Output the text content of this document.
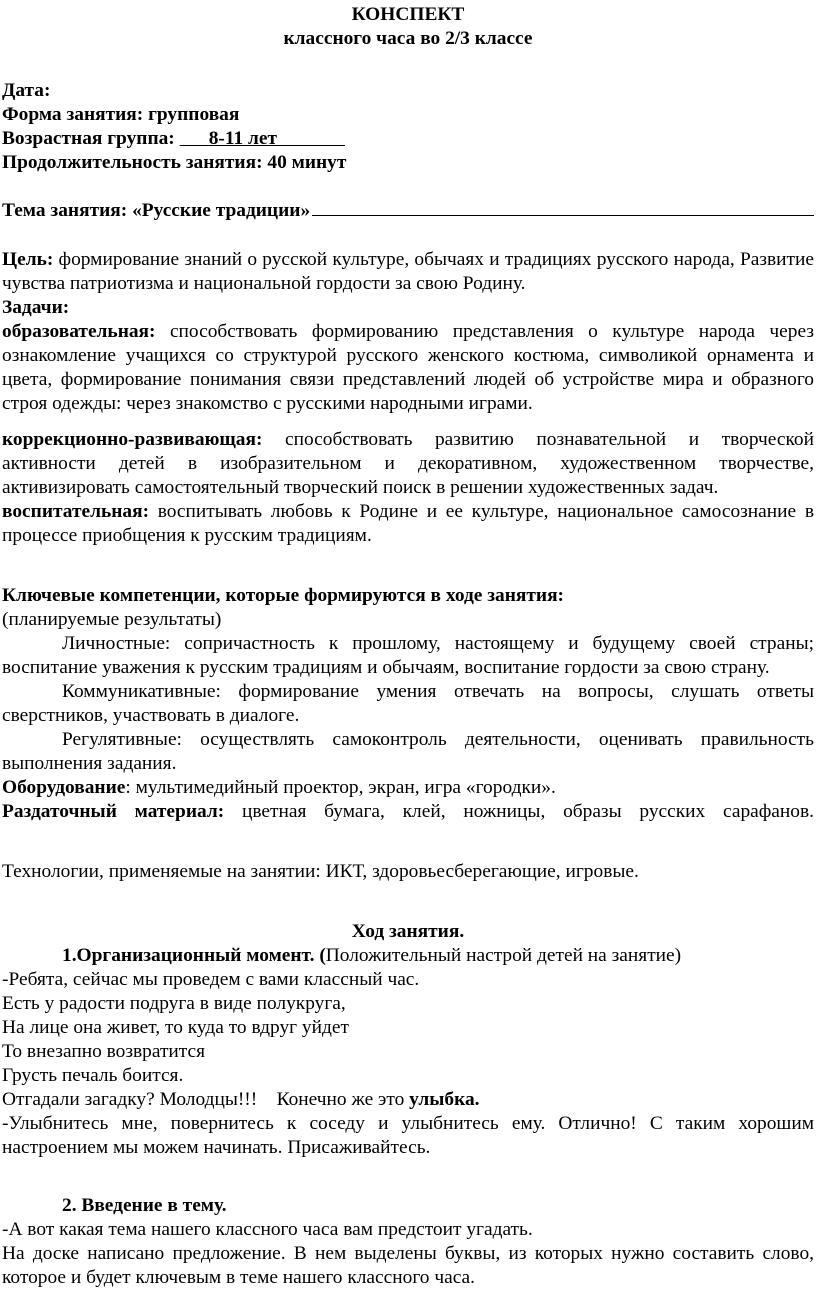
КОНСПЕКТ

классного часа во 2/3 классе

Дата:

Форма занятия: групповая

Возрастная группа:       8-11 лет

Продолжительность занятия: 40 минут

Тема занятия: «Русские традиции»

Цель: формирование знаний о русской культуре, обычаях и традициях русского народа, Развитие чувства патриотизма и национальной гордости за свою Родину.

Задачи:

образовательная: способствовать формированию представления о культуре народа через ознакомление учащихся со структурой русского женского костюма, символикой орнамента и цвета, формирование понимания связи представлений людей об устройстве мира и образного строя одежды: через знакомство с русскими народными играми.

коррекционно-развивающая: способствовать развитию познавательной и творческой активности детей в изобразительном и декоративном, художественном творчестве, активизировать самостоятельный творческий поиск в решении художественных задач.

воспитательная: воспитывать любовь к Родине и ее культуре, национальное самосознание в процессе приобщения к русским традициям.

Ключевые компетенции, которые формируются в ходе занятия:

(планируемые результаты)

Личностные: сопричастность к прошлому, настоящему и будущему своей страны; воспитание уважения к русским традициям и обычаям, воспитание гордости за свою страну.

Коммуникативные: формирование умения отвечать на вопросы, слушать ответы сверстников, участвовать в диалоге.

Регулятивные: осуществлять самоконтроль деятельности, оценивать правильность выполнения задания.

Оборудование: мультимедийный проектор, экран, игра «городки».

Раздаточный материал: цветная бумага, клей, ножницы, образы русских сарафанов.

Технологии, применяемые на занятии: ИКТ, здоровьесберегающие, игровые.

Ход занятия.

1.Организационный момент. (Положительный настрой детей на занятие)

-Ребята, сейчас мы проведем с вами классный час.

Есть у радости подруга в виде полукруга,

На лице она живет, то куда то вдруг уйдет

То внезапно возвратится

Грусть печаль боится.

Отгадали загадку? Молодцы!!!    Конечно же это улыбка.

-Улыбнитесь мне, повернитесь к соседу и улыбнитесь ему. Отлично! С таким хорошим настроением мы можем начинать. Присаживайтесь.

2. Введение в тему.

-А вот какая тема нашего классного часа вам предстоит угадать.

На доске написано предложение. В нем выделены буквы, из которых нужно составить слово, которое и будет ключевым в теме нашего классного часа.
